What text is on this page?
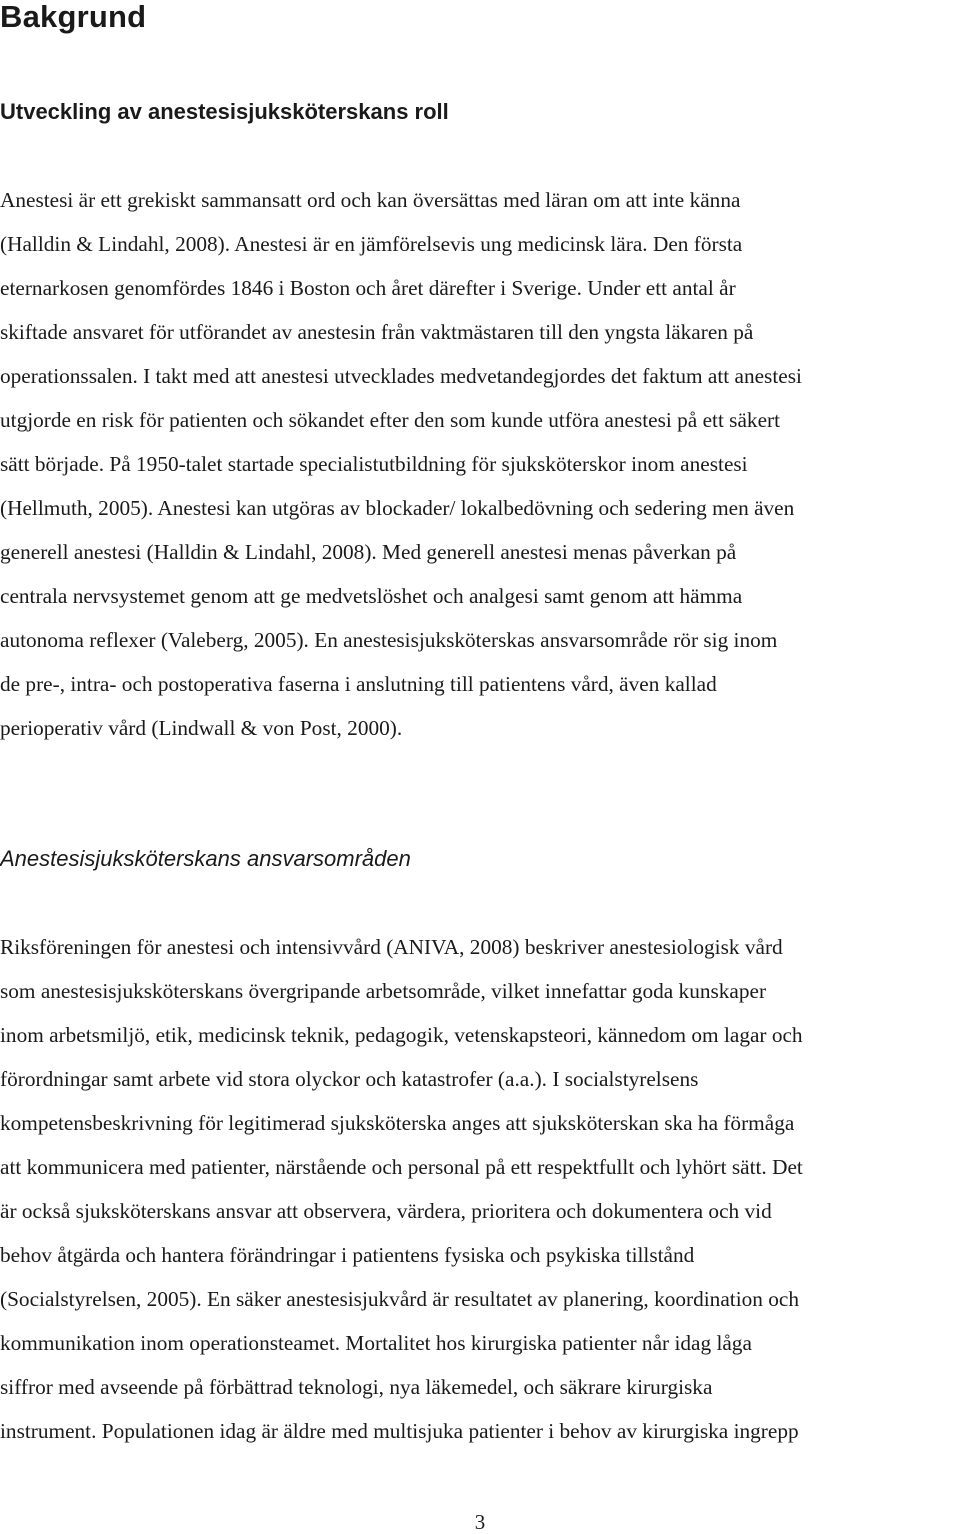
Bakgrund
Utveckling av anestesisjuksköterskans roll
Anestesi är ett grekiskt sammansatt ord och kan översättas med läran om att inte känna
(Halldin & Lindahl, 2008). Anestesi är en jämförelsevis ung medicinsk lära. Den första
eternarkosen genomfördes 1846 i Boston och året därefter i Sverige. Under ett antal år
skiftade ansvaret för utförandet av anestesin från vaktmästaren till den yngsta läkaren på
operationssalen. I takt med att anestesi utvecklades medvetandegjordes det faktum att anestesi
utgjorde en risk för patienten och sökandet efter den som kunde utföra anestesi på ett säkert
sätt började. På 1950-talet startade specialistutbildning för sjuksköterskor inom anestesi
(Hellmuth, 2005). Anestesi kan utgöras av blockader/ lokalbedövning och sedering men även
generell anestesi (Halldin & Lindahl, 2008). Med generell anestesi menas påverkan på
centrala nervsystemet genom att ge medvetslöshet och analgesi samt genom att hämma
autonoma reflexer (Valeberg, 2005). En anestesisjuksköterskas ansvarsområde rör sig inom
de pre-, intra- och postoperativa faserna i anslutning till patientens vård, även kallad
perioperativ vård (Lindwall & von Post, 2000).
Anestesisjuksköterskans ansvarsområden
Riksföreningen för anestesi och intensivvård (ANIVA, 2008) beskriver anestesiologisk vård
som anestesisjuksköterskans övergripande arbetsområde, vilket innefattar goda kunskaper
inom arbetsmiljö, etik, medicinsk teknik, pedagogik, vetenskapsteori, kännedom om lagar och
förordningar samt arbete vid stora olyckor och katastrofer (a.a.). I socialstyrelsens
kompetensbeskrivning för legitimerad sjuksköterska anges att sjuksköterskan ska ha förmåga
att kommunicera med patienter, närstående och personal på ett respektfullt och lyhört sätt. Det
är också sjuksköterskans ansvar att observera, värdera, prioritera och dokumentera och vid
behov åtgärda och hantera förändringar i patientens fysiska och psykiska tillstånd
(Socialstyrelsen, 2005). En säker anestesisjukvård är resultatet av planering, koordination och
kommunikation inom operationsteamet. Mortalitet hos kirurgiska patienter når idag låga
siffror med avseende på förbättrad teknologi, nya läkemedel, och säkrare kirurgiska
instrument. Populationen idag är äldre med multisjuka patienter i behov av kirurgiska ingrepp

3
